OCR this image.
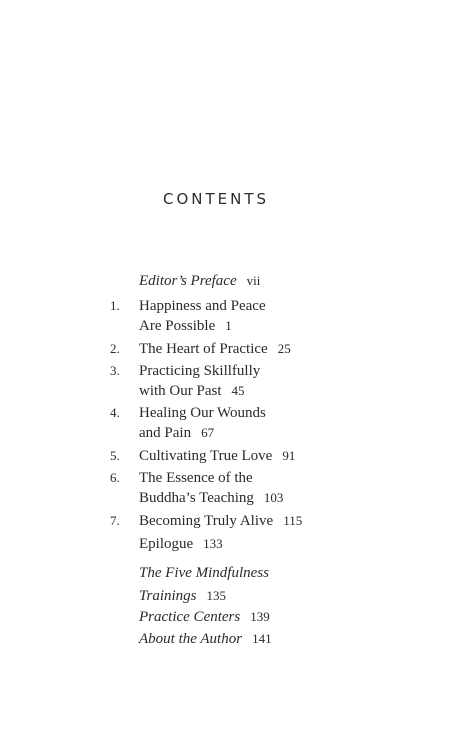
CONTENTS
Editor’s Preface vii
1. Happiness and Peace
Are Possible 1
2. The Heart of Practice 25
3. Practicing Skillfully
with Our Past 45
4. Healing Our Wounds
and Pain 67
5. Cultivating True Love 91
6. The Essence of the
Buddha’s Teaching 103
7. Becoming Truly Alive 115
Epilogue 133
The Five Mindfulness
Trainings 135
Practice Centers 139
About the Author 141
